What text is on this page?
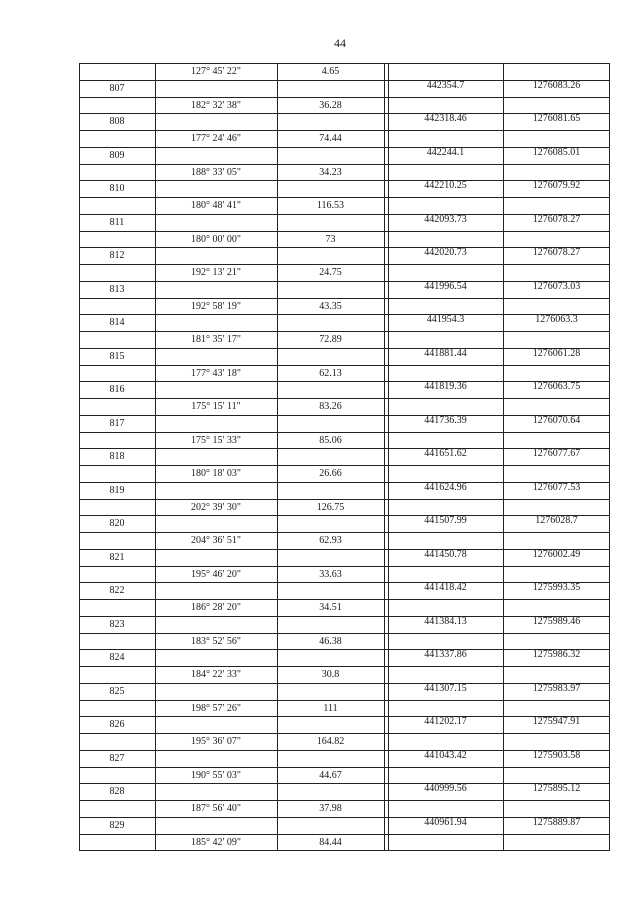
44
127° 45' 22"	4.65
807	442354.7	1276083.26
182° 32' 38"	36.28
808	442318.46	1276081.65
177° 24' 46"	74.44
809	442244.1	1276085.01
188° 33' 05"	34.23
810	442210.25	1276079.92
180° 48' 41"	116.53
811	442093.73	1276078.27
180° 00' 00"	73
812	442020.73	1276078.27
192° 13' 21"	24.75
813	441996.54	1276073.03
192° 58' 19"	43.35
814	441954.3	1276063.3
181° 35' 17"	72.89
815	441881.44	1276061.28
177° 43' 18"	62.13
816	441819.36	1276063.75
175° 15' 11"	83.26
817	441736.39	1276070.64
175° 15' 33"	85.06
818	441651.62	1276077.67
180° 18' 03"	26.66
819	441624.96	1276077.53
202° 39' 30"	126.75
820	441507.99	1276028.7
204° 36' 51"	62.93
821	441450.78	1276002.49
195° 46' 20"	33.63
822	441418.42	1275993.35
186° 28' 20"	34.51
823	441384.13	1275989.46
183° 52' 56"	46.38
824	441337.86	1275986.32
184° 22' 33"	30.8
825	441307.15	1275983.97
198° 57' 26"	111
826	441202.17	1275947.91
195° 36' 07"	164.82
827	441043.42	1275903.58
190° 55' 03"	44.67
828	440999.56	1275895.12
187° 56' 40"	37.98
829	440961.94	1275889.87
185° 42' 09"	84.44
